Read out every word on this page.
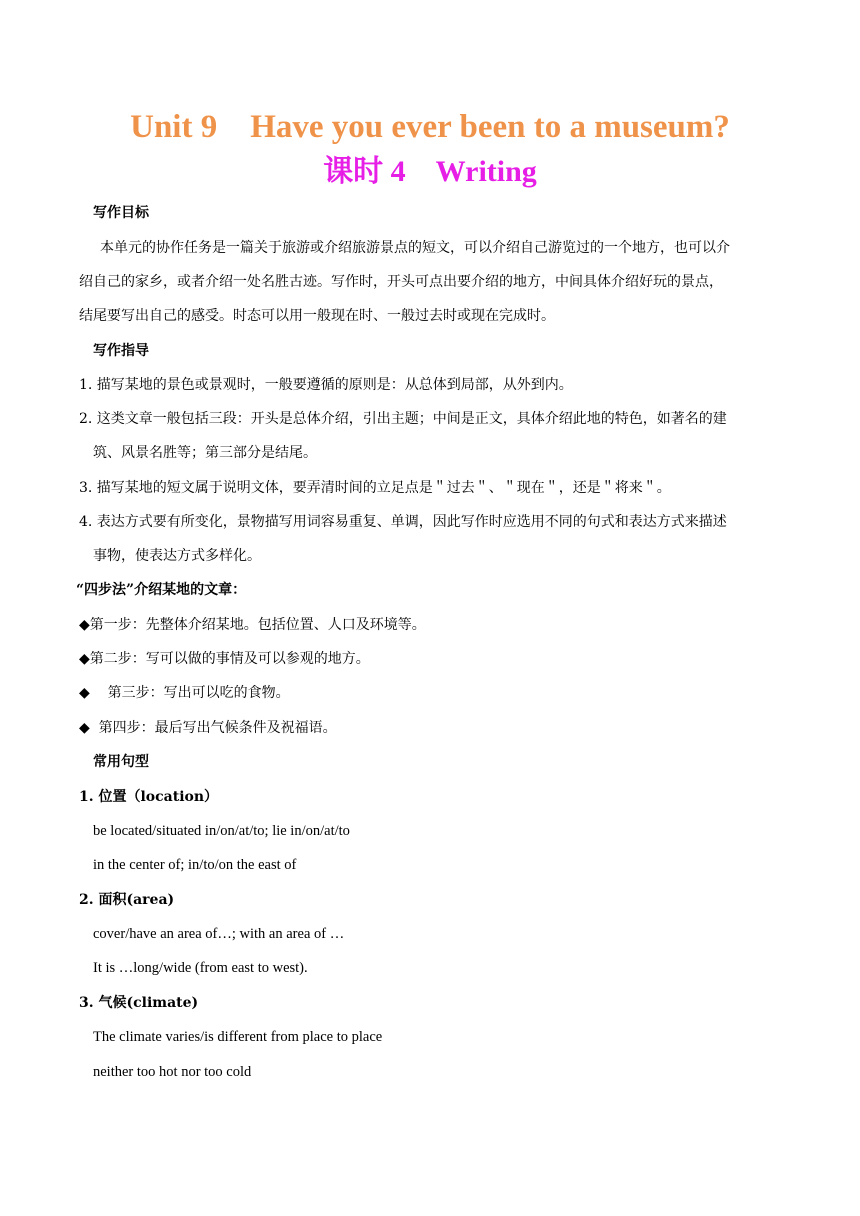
Unit 9    Have you ever been to a museum?
课时 4    Writing
写作目标
本单元的协作任务是一篇关于旅游或介绍旅游景点的短文，可以介绍自己游览过的一个地方，也可以介
绍自己的家乡，或者介绍一处名胜古迹。写作时，开头可点出要介绍的地方，中间具体介绍好玩的景点，
结尾要写出自己的感受。时态可以用一般现在时、一般过去时或现在完成时。
写作指导
1. 描写某地的景色或景观时，一般要遵循的原则是：从总体到局部，从外到内。
2. 这类文章一般包括三段：开头是总体介绍，引出主题；中间是正文，具体介绍此地的特色，如著名的建
筑、风景名胜等；第三部分是结尾。
3. 描写某地的短文属于说明文体，要弄清时间的立足点是＂过去＂、＂现在＂，还是＂将来＂。
4. 表达方式要有所变化，景物描写用词容易重复、单调，因此写作时应选用不同的句式和表达方式来描述
事物，使表达方式多样化。
“四步法”介绍某地的文章：
◆第一步：先整体介绍某地。包括位置、人口及环境等。
◆第二步：写可以做的事情及可以参观的地方。
◆    第三步：写出可以吃的食物。
◆  第四步：最后写出气候条件及祝福语。
常用句型
1. 位置（location）
be located/situated in/on/at/to; lie in/on/at/to
in the center of; in/to/on the east of
2. 面积(area)
cover/have an area of…; with an area of …
It is …long/wide (from east to west).
3. 气候(climate)
The climate varies/is different from place to place
neither too hot nor too cold
